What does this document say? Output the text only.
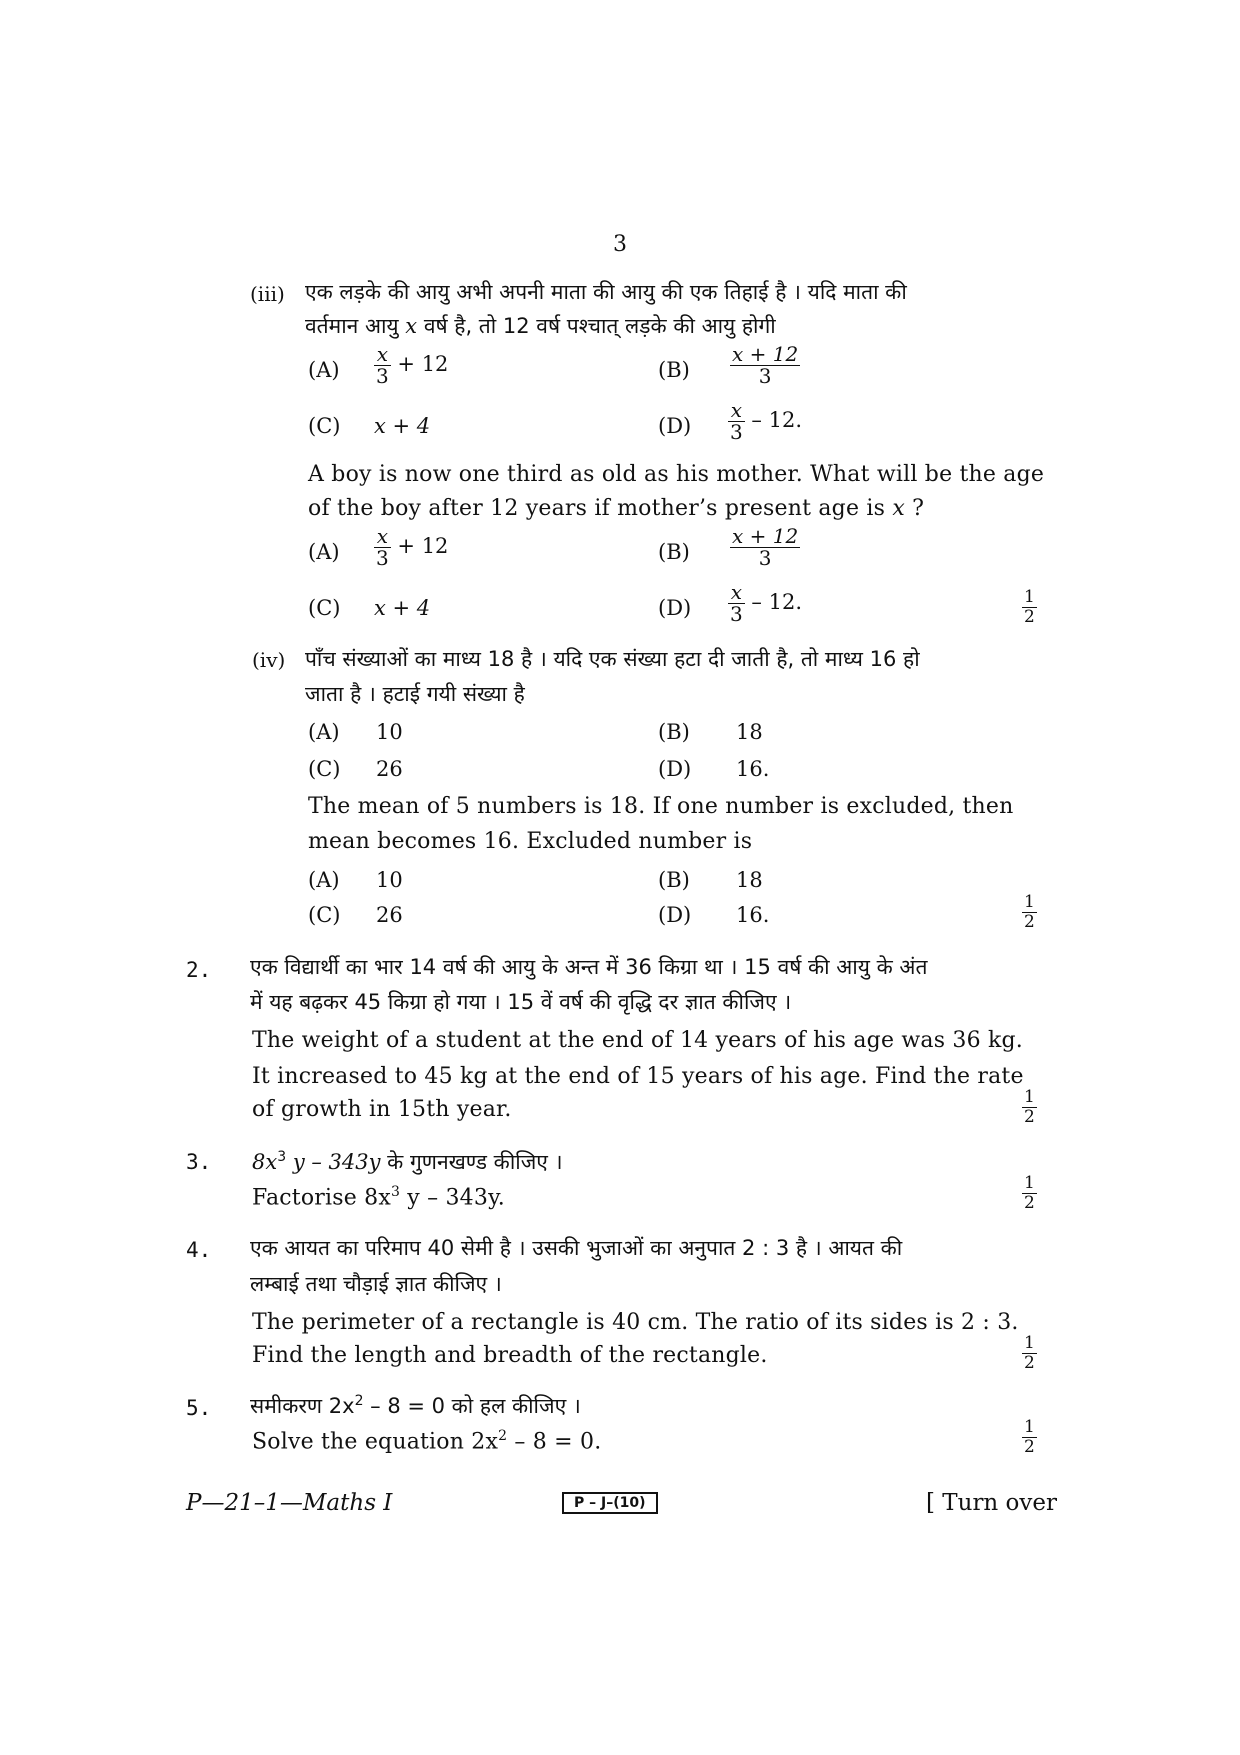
3
(iii) एक लड़के की आयु अभी अपनी माता की आयु की एक तिहाई है । यदि माता की
वर्तमान आयु x वर्ष है, तो 12 वर्ष पश्चात् लड़के की आयु होगी
$(A) \frac{x}{3} + 12$	$(B) \frac{x + 12}{3}$
(C) x + 4	$(D) \frac{x}{3} - 12$.
A boy is now one third as old as his mother. What will be the age
of the boy after 12 years if mother’s present age is x ?
$(A) \frac{x}{3} + 12$	$(B) \frac{x + 12}{3}$
(C) x + 4	$(D) \frac{x}{3} - 12$.	$\frac{1}{2}$
(iv) पाँच संख्याओं का माध्य 18 है । यदि एक संख्या हटा दी जाती है, तो माध्य 16 हो
जाता है । हटाई गयी संख्या है
(A) 10	(B) 18
(C) 26	(D) 16.
The mean of 5 numbers is 18. If one number is excluded, then
mean becomes 16. Excluded number is
(A) 10	(B) 18
(C) 26	(D) 16.	$\frac{1}{2}$
2. एक विद्यार्थी का भार 14 वर्ष की आयु के अन्त में 36 किग्रा था । 15 वर्ष की आयु के अंत
में यह बढ़कर 45 किग्रा हो गया । 15 वें वर्ष की वृद्धि दर ज्ञात कीजिए ।
The weight of a student at the end of 14 years of his age was 36 kg.
It increased to 45 kg at the end of 15 years of his age. Find the rate
of growth in 15th year.	$\frac{1}{2}$
3. $8x^3$ y – 343y के गुणनखण्ड कीजिए ।
Factorise $8x^3$ y – 343y.	$\frac{1}{2}$
4. एक आयत का परिमाप 40 सेमी है । उसकी भुजाओं का अनुपात 2 : 3 है । आयत की
लम्बाई तथा चौड़ाई ज्ञात कीजिए ।
The perimeter of a rectangle is 40 cm. The ratio of its sides is 2 : 3.
Find the length and breadth of the rectangle.	$\frac{1}{2}$
5. समीकरण $2x^2 - 8 = 0$ को हल कीजिए ।
Solve the equation $2x^2 - 8 = 0$.	$\frac{1}{2}$
P—21–1—Maths I	P – J–(10)	[ Turn over
